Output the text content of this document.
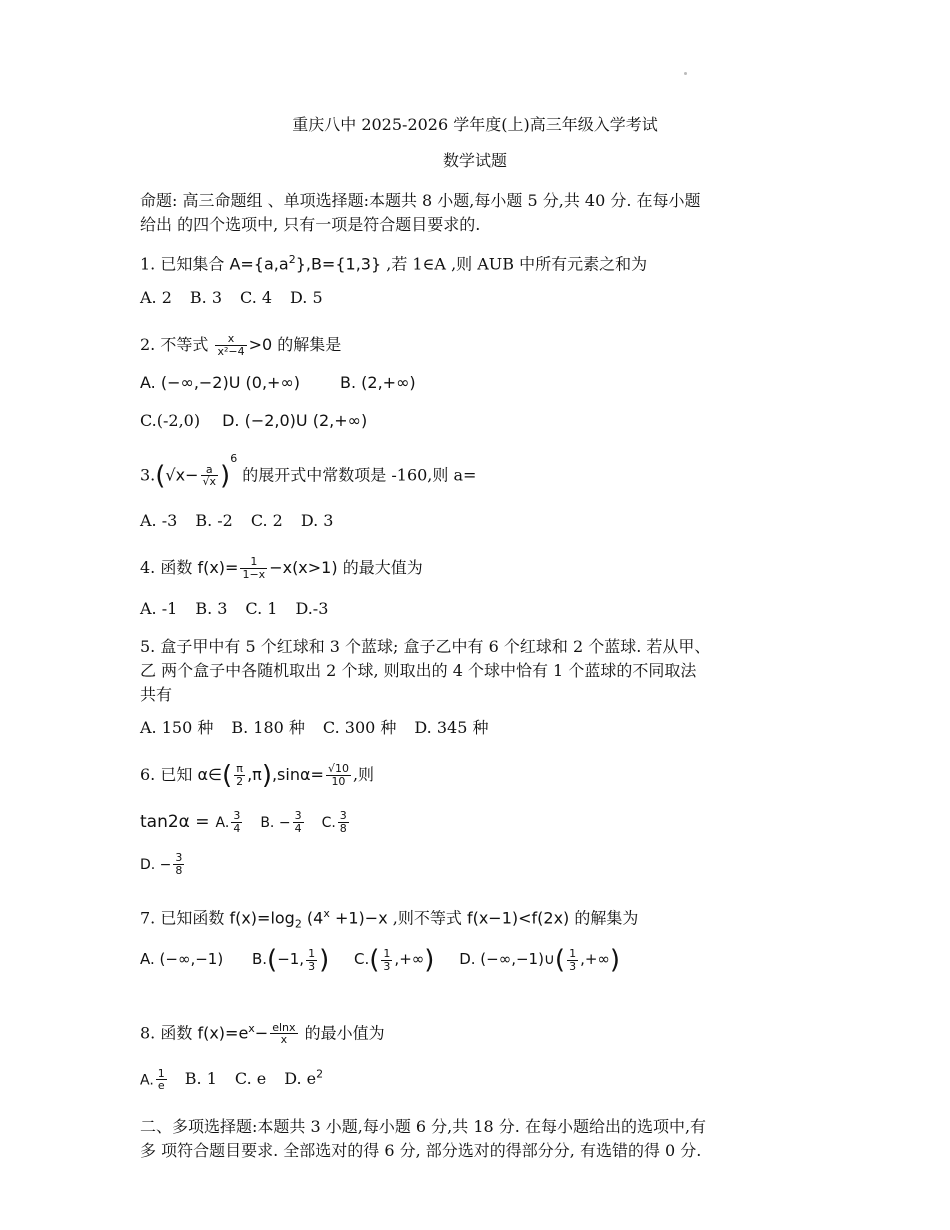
重庆八中 2025-2026 学年度(上)高三年级入学考试
数学试题
命题: 高三命题组 、单项选择题:本题共 8 小题,每小题 5 分,共 40 分. 在每小题
给出 的四个选项中, 只有一项是符合题目要求的.
1. 已知集合 $A=\{a,a^2\},B=\{1,3\}$ ,若 1∈A ,则 AUB 中所有元素之和为
A. 2 B. 3 C. 4 D. 5
2. 不等式 $\frac{x}{\text{x²−4}} >0$ 的解集是
A. (−∞,−2)U (0,+∞)	B. (2,+∞)
C.(-2,0) D. (−2,0)U (2,+∞)
$3.(√x- \frac{a}{√x} )^6$ 的展开式中常数项是 -160,则 a=
A. -3 B. -2 C. 2 D. 3
4. 函数 $f(x)= \frac{1}{1-x} -x(x>1)$ 的最大值为
A. -1 B. 3 C. 1 D.-3
5. 盒子甲中有 5 个红球和 3 个蓝球; 盒子乙中有 6 个红球和 2 个蓝球. 若从甲、
乙 两个盒子中各随机取出 2 个球, 则取出的 4 个球中恰有 1 个蓝球的不同取法
共有
A. 150 种 B. 180 种 C. 300 种 D. 345 种
6. 已知 α∈( $\frac{\pi}{2} ,\pi),\sin\alpha= \frac{√10}{10}$ ,则
tan2α = A. $\frac{3}{4} B$. − $\frac{3}{4} C$. $\frac{3}{8}$
D. − $\frac{3}{8}$
7. 已知函数 $f(x)=\log_2$ $(4^x +1)-x$ ,则不等式 f(x−1)<f(2x) 的解集为
A. (−∞,−1) B.(−1, $\frac{1}{3}$ ) $C.( \frac{1}{3}$ ,+∞) D. (−∞,−1)∪( $\frac{1}{3}$ ,+∞)
8. 函数 $f(x)=e^x- \frac{elnx}{x}$ 的最小值为
A. $\frac{1}{e} B$. 1 C. e D. $e^2$
二、多项选择题:本题共 3 小题,每小题 6 分,共 18 分. 在每小题给出的选项中,有
多 项符合题目要求. 全部选对的得 6 分, 部分选对的得部分分, 有选错的得 0 分.
